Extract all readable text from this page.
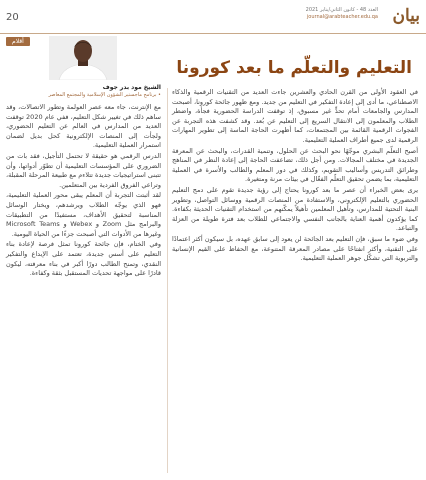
20
العدد 48 - كانون الثاني/يناير 2021
journal@arabteacher.edu.qa بيان
أقلام
التعليم والتعلّم ما بعد كورونا
الشيخ مود بدر جوف
• برنامج ماجستير الشؤون الإسلامية والمجتمع المعاصر في العقود الأولى من القرن الحادي والعشرين جاءت العديد من التقنيات الرقمية والذكاء الاصطناعي، ما أدى إلى إعادة التفكير في التعليم من جديد. ومع ظهور جائحة كورونا، أصبحت المدارس والجامعات أمام تحدٍّ غير مسبوق، إذ توقفت الدراسة الحضورية فجأة، واضطر الطلاب والمعلمون إلى الانتقال السريع إلى التعليم عن بُعد. وقد كشفت هذه التجربة عن الفجوات الرقمية القائمة بين المجتمعات، كما أظهرت الحاجة الماسة إلى تطوير المهارات الرقمية لدى جميع أطراف العملية التعليمية.

أصبح التعلّم البشري موجّهًا نحو البحث عن الحلول، وتنمية القدرات، والبحث عن المعرفة الجديدة في مختلف المجالات. ومن أجل ذلك، تضاعفت الحاجة إلى إعادة النظر في المناهج وطرائق التدريس وأساليب التقويم، وكذلك في دور المعلم والطالب والأسرة في العملية التعليمية، بما يضمن تحقيق التعلّم الفعّال في بيئات مرنة ومتغيرة.

يرى بعض الخبراء أن عصر ما بعد كورونا يحتاج إلى رؤية جديدة تقوم على دمج التعليم الحضوري بالتعليم الإلكتروني، والاستفادة من المنصات الرقمية ووسائل التواصل، وتطوير البنية التحتية للمدارس، وتأهيل المعلمين تأهيلاً يمكّنهم من استخدام التقنيات الحديثة بكفاءة. كما يؤكدون أهمية العناية بالجانب النفسي والاجتماعي للطلاب بعد فترة طويلة من العزلة والتباعد.

وفي ضوء ما سبق، فإن التعليم بعد الجائحة لن يعود إلى سابق عهده، بل سيكون أكثر اعتمادًا على التقنية، وأكثر انفتاحًا على مصادر المعرفة المتنوعة، مع الحفاظ على القيم الإنسانية والتربوية التي تشكّل جوهر العملية التعليمية.

مع الإنترنت، جاء معه عصر العولمة وتطور الاتصالات، وقد ساهم ذلك في تغيير شكل التعليم، ففي عام 2020 توقفت العديد من المدارس في العالم عن التعليم الحضوري، ولجأت إلى المنصات الإلكترونية كحل بديل لضمان استمرار العملية التعليمية.

الدرس الرقمي هو حقيقة لا تحتمل التأجيل، فقد بات من الضروري على المؤسسات التعليمية أن تطوّر أدواتها، وأن تتبنى استراتيجيات جديدة تتلاءم مع طبيعة المرحلة المقبلة، وتراعي الفروق الفردية بين المتعلمين.

لقد أثبتت التجربة أن المعلم يبقى محور العملية التعليمية، فهو الذي يوجّه الطلاب ويرشدهم، ويختار الوسائل المناسبة لتحقيق الأهداف، مستفيدًا من التطبيقات والبرامج مثل Zoom و Webex و Microsoft Teams وغيرها من الأدوات التي أصبحت جزءًا من الحياة اليومية.

وفي الختام، فإن جائحة كورونا تمثل فرصة لإعادة بناء التعليم على أسس جديدة، تعتمد على الإبداع والتفكير النقدي، وتمنح الطالب دورًا أكبر في بناء معرفته، ليكون قادرًا على مواجهة تحديات المستقبل بثقة وكفاءة.
